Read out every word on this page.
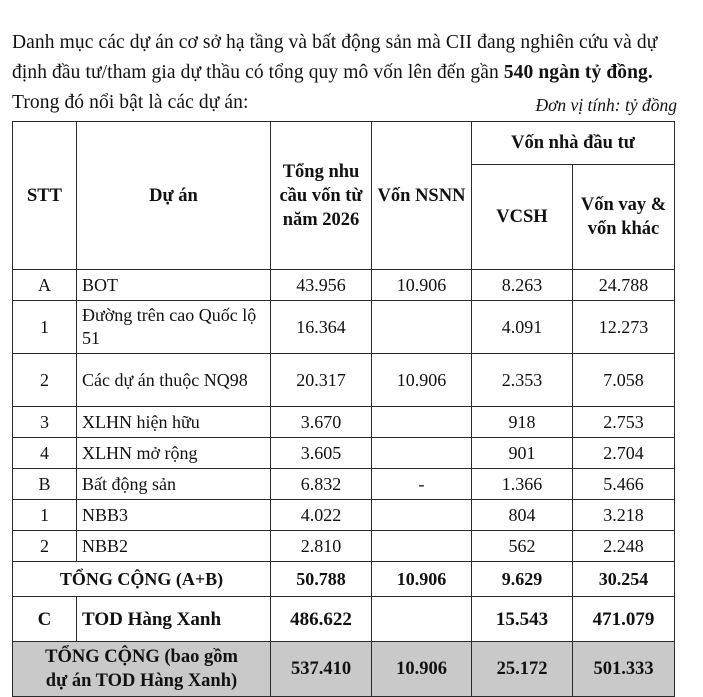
Danh mục các dự án cơ sở hạ tầng và bất động sản mà CII đang nghiên cứu và dự định đầu tư/tham gia dự thầu có tổng quy mô vốn lên đến gần 540 ngàn tỷ đồng. Trong đó nổi bật là các dự án:	Đơn vị tính: tỷ đồng
STT	Dự án	Tổng nhu cầu vốn từ năm 2026	Vốn NSNN	Vốn nhà đầu tư	
				VCSH	Vốn vay & vốn khác
A	BOT	43.956	10.906	8.263	24.788
1	Đường trên cao Quốc lộ 51	16.364		4.091	12.273
2	Các dự án thuộc NQ98	20.317	10.906	2.353	7.058
3	XLHN hiện hữu	3.670		918	2.753
4	XLHN mở rộng	3.605		901	2.704
B	Bất động sản	6.832	-	1.366	5.466
1	NBB3	4.022		804	3.218
2	NBB2	2.810		562	2.248
TỔNG CỘNG (A+B)		50.788	10.906	9.629	30.254
C	TOD Hàng Xanh	486.622		15.543	471.079
TỔNG CỘNG (bao gồm
dự án TOD Hàng Xanh)		537.410	10.906	25.172	501.333
